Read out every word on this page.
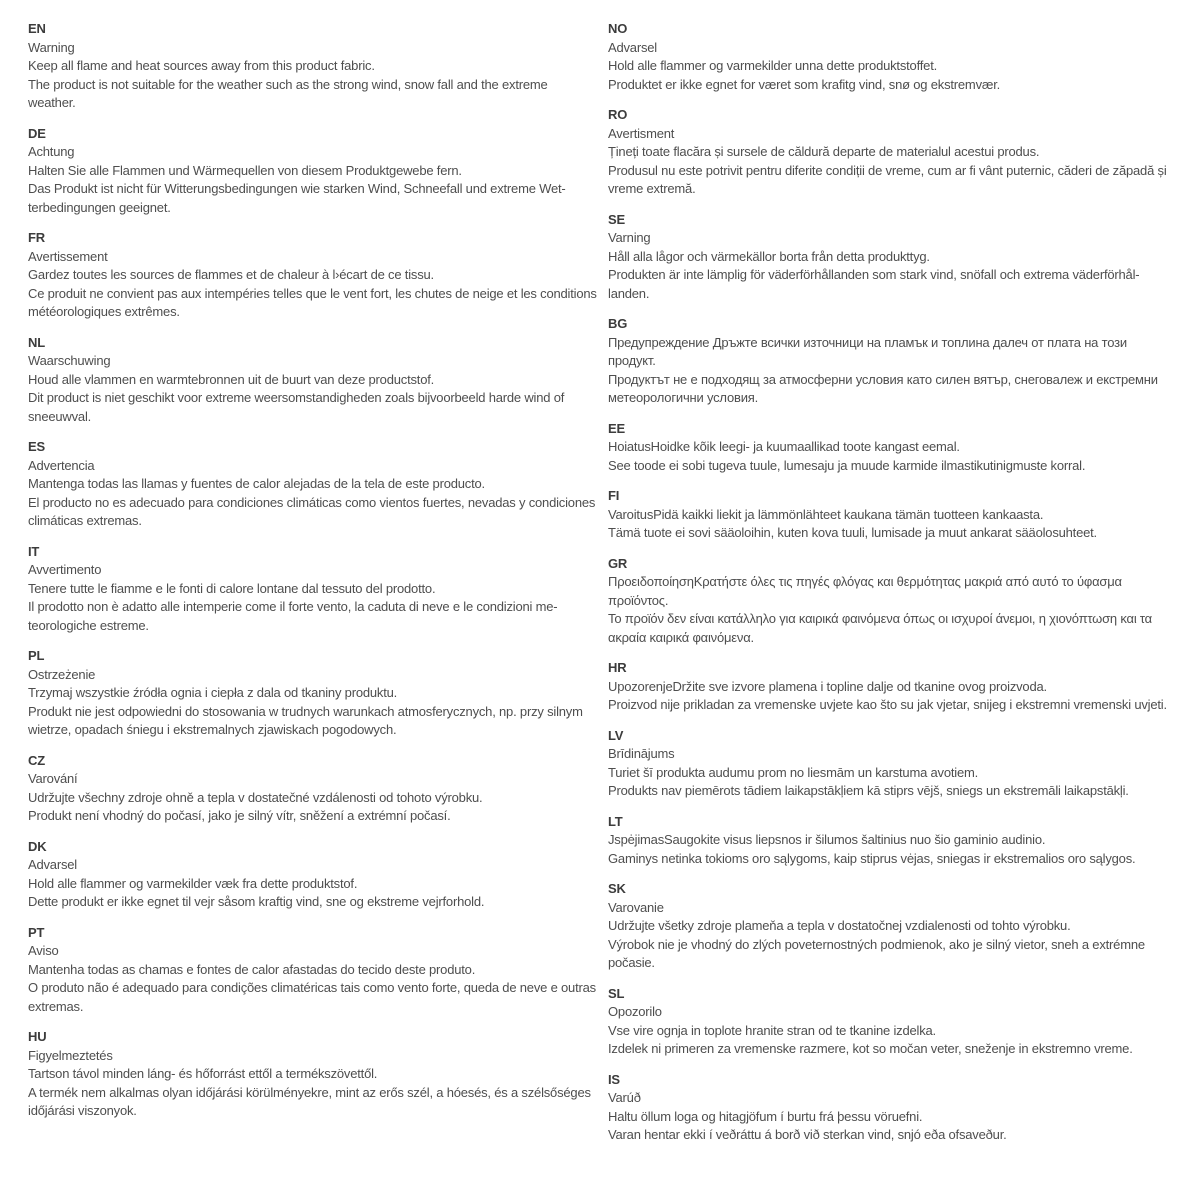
EN

Warning

Keep all flame and heat sources away from this product fabric.

The product is not suitable for the weather such as the strong wind, snow fall and the extreme weather.

DE

Achtung

Halten Sie alle Flammen und Wärmequellen von diesem Produktgewebe fern.

Das Produkt ist nicht für Witterungsbedingungen wie starken Wind, Schneefall und extreme Wetterbedingungen geeignet.

FR

Avertissement

Gardez toutes les sources de flammes et de chaleur à l›écart de ce tissu.

Ce produit ne convient pas aux intempéries telles que le vent fort, les chutes de neige et les conditions météorologiques extrêmes.

NL

Waarschuwing

Houd alle vlammen en warmtebronnen uit de buurt van deze productstof.

Dit product is niet geschikt voor extreme weersomstandigheden zoals bijvoorbeeld harde wind of sneeuwval.

ES

Advertencia

Mantenga todas las llamas y fuentes de calor alejadas de la tela de este producto.

El producto no es adecuado para condiciones climáticas como vientos fuertes, nevadas y condiciones climáticas extremas.

IT

Avvertimento

Tenere tutte le fiamme e le fonti di calore lontane dal tessuto del prodotto.

Il prodotto non è adatto alle intemperie come il forte vento, la caduta di neve e le condizioni meteorologiche estreme.

PL

Ostrzeżenie

Trzymaj wszystkie źródła ognia i ciepła z dala od tkaniny produktu.

Produkt nie jest odpowiedni do stosowania w trudnych warunkach atmosferycznych, np. przy silnym wietrze, opadach śniegu i ekstremalnych zjawiskach pogodowych.

CZ

Varování

Udržujte všechny zdroje ohně a tepla v dostatečné vzdálenosti od tohoto výrobku.

Produkt není vhodný do počasí, jako je silný vítr, sněžení a extrémní počasí.

DK

Advarsel

Hold alle flammer og varmekilder væk fra dette produktstof.

Dette produkt er ikke egnet til vejr såsom kraftig vind, sne og ekstreme vejrforhold.

PT

Aviso

Mantenha todas as chamas e fontes de calor afastadas do tecido deste produto.

O produto não é adequado para condições climatéricas tais como vento forte, queda de neve e outras extremas.

HU

Figyelmeztetés

Tartson távol minden láng- és hőforrást ettől a termékszövettől.

A termék nem alkalmas olyan időjárási körülményekre, mint az erős szél, a hóesés, és a szélsőséges időjárási viszonyok.

NO

Advarsel

Hold alle flammer og varmekilder unna dette produktstoffet.

Produktet er ikke egnet for været som krafitg vind, snø og ekstremvær.

RO

Avertisment

Țineți toate flacăra și sursele de căldură departe de materialul acestui produs.

Produsul nu este potrivit pentru diferite condiții de vreme, cum ar fi vânt puternic, căderi de zăpadă și vreme extremă.

SE

Varning

Håll alla lågor och värmekällor borta från detta produkttyg.

Produkten är inte lämplig för väderförhållanden som stark vind, snöfall och extrema väderförhållanden.

BG

Предупреждение Дръжте всички източници на пламък и топлина далеч от плата на този продукт.

Продуктът не е подходящ за атмосферни условия като силен вятър, снеговалеж и екстремни метеорологични условия.

EE

HoiatusHoidke kõik leegi- ja kuumaallikad toote kangast eemal.

See toode ei sobi tugeva tuule, lumesaju ja muude karmide ilmastikutinigmuste korral.

FI

VaroitusPidä kaikki liekit ja lämmönlähteet kaukana tämän tuotteen kankaasta.

Tämä tuote ei sovi sääoloihin, kuten kova tuuli, lumisade ja muut ankarat sääolosuhteet.

GR

ΠροειδοποίησηΚρατήστε όλες τις πηγές φλόγας και θερμότητας μακριά από αυτό το ύφασμα προϊόντος.

Το προϊόν δεν είναι κατάλληλο για καιρικά φαινόμενα όπως οι ισχυροί άνεμοι, η χιονόπτωση και τα ακραία καιρικά φαινόμενα.

HR

UpozorenjeDržite sve izvore plamena i topline dalje od tkanine ovog proizvoda.

Proizvod nije prikladan za vremenske uvjete kao što su jak vjetar, snijeg i ekstremni vremenski uvjeti.

LV

Brīdinājums

Turiet šī produkta audumu prom no liesmām un karstuma avotiem.

Produkts nav piemērots tādiem laikapstākļiem kā stiprs vējš, sniegs un ekstremāli laikapstākļi.

LT

JspėjimasSaugokite visus liepsnos ir šilumos šaltinius nuo šio gaminio audinio.

Gaminys netinka tokioms oro sąlygoms, kaip stiprus vėjas, sniegas ir ekstremalios oro sąlygos.

SK

Varovanie

Udržujte všetky zdroje plameňa a tepla v dostatočnej vzdialenosti od tohto výrobku.

Výrobok nie je vhodný do zlých poveternostných podmienok, ako je silný vietor, sneh a extrémne počasie.

SL

Opozorilo

Vse vire ognja in toplote hranite stran od te tkanine izdelka.

Izdelek ni primeren za vremenske razmere, kot so močan veter, sneženje in ekstremno vreme.

IS

Varúð

Haltu öllum loga og hitagjöfum í burtu frá þessu vöruefni.

Varan hentar ekki í veðráttu á borð við sterkan vind, snjó eða ofsaveður.
